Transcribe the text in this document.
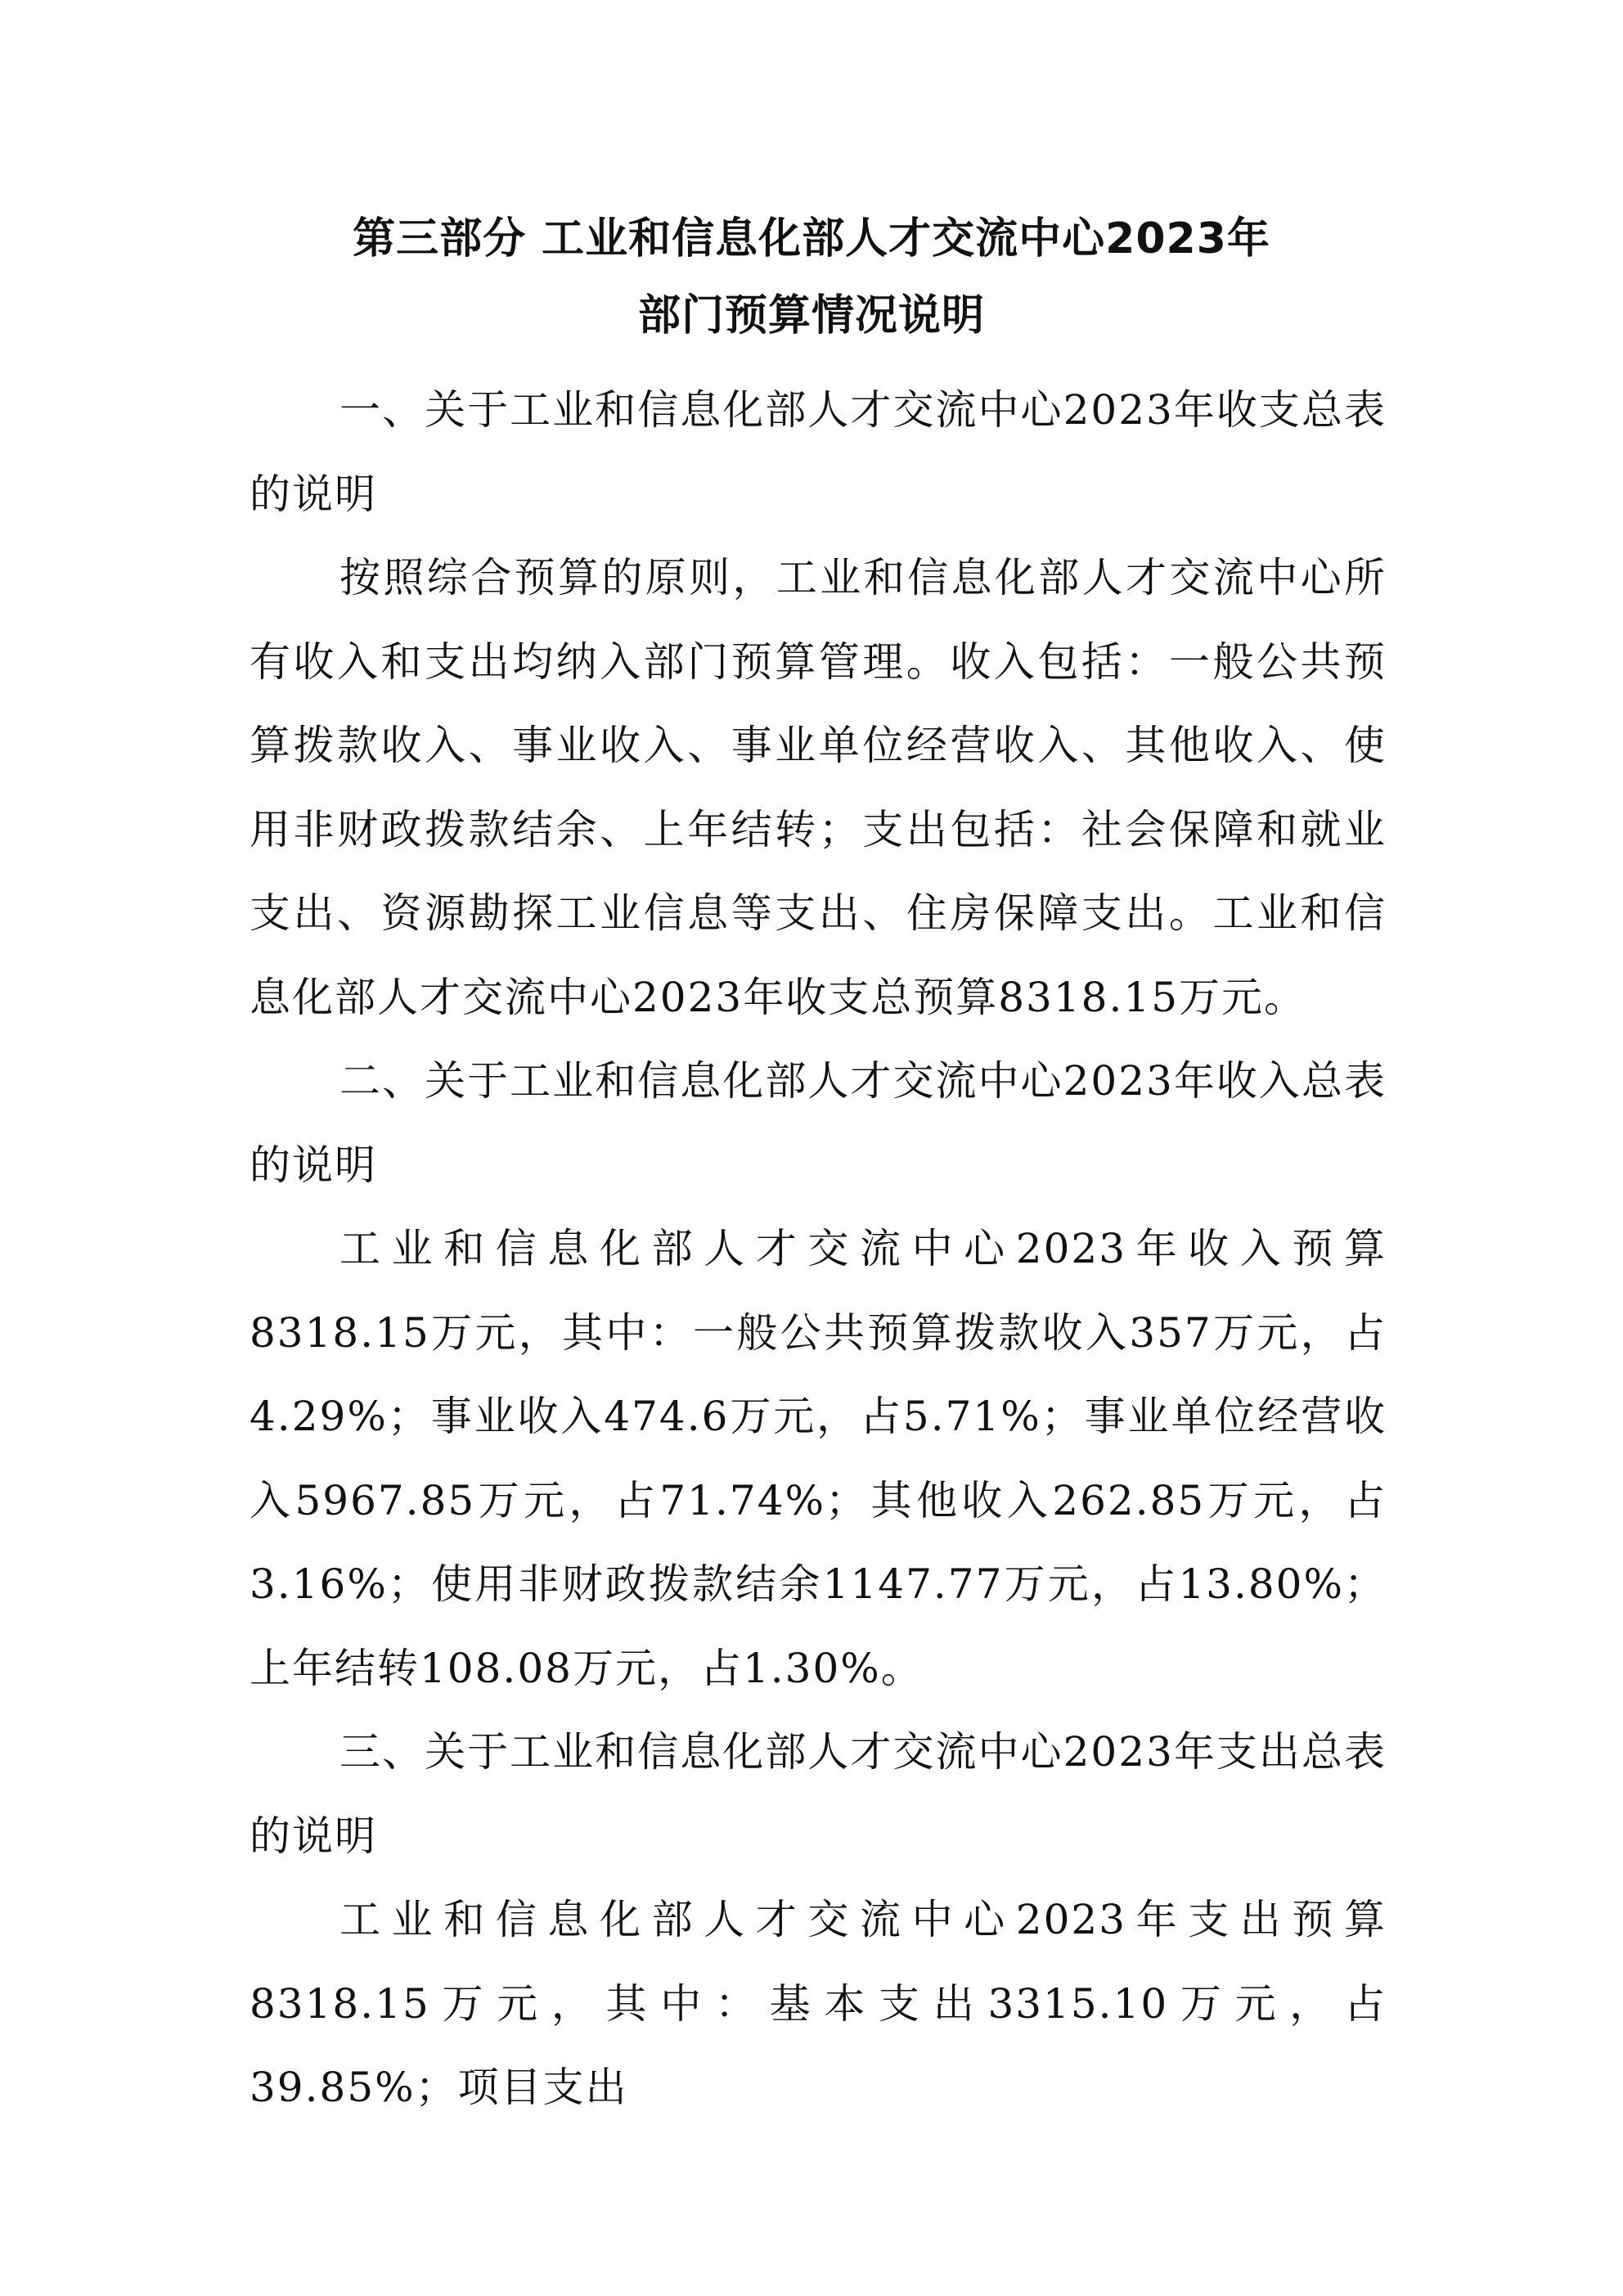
第三部分 工业和信息化部人才交流中心2023年
部门预算情况说明

一、关于工业和信息化部人才交流中心2023年收支总表的说明

按照综合预算的原则，工业和信息化部人才交流中心所有收入和支出均纳入部门预算管理。收入包括：一般公共预算拨款收入、事业收入、事业单位经营收入、其他收入、使用非财政拨款结余、上年结转；支出包括：社会保障和就业支出、资源勘探工业信息等支出、住房保障支出。工业和信息化部人才交流中心2023年收支总预算8318.15万元。

二、关于工业和信息化部人才交流中心2023年收入总表的说明

工业和信息化部人才交流中心2023年收入预算8318.15万元，其中：一般公共预算拨款收入357万元，占4.29%；事业收入474.6万元，占5.71%；事业单位经营收入5967.85万元，占71.74%；其他收入262.85万元，占3.16%；使用非财政拨款结余1147.77万元，占13.80%；上年结转108.08万元，占1.30%。

三、关于工业和信息化部人才交流中心2023年支出总表的说明

工业和信息化部人才交流中心2023年支出预算8318.15万元，其中：基本支出3315.10万元，占39.85%；项目支出
